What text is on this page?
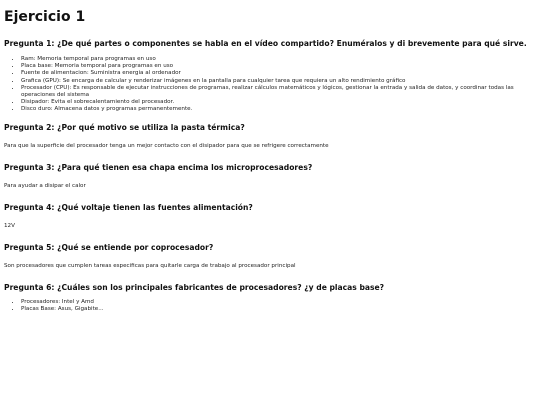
Ejercicio 1
Pregunta 1: ¿De qué partes o componentes se habla en el vídeo compartido? Enuméralos y di brevemente para qué sirve.
• Ram: Memoria temporal para programas en uso
• Placa base: Memoria temporal para programas en uso
• Fuente de alimentacion: Suministra energia al ordenador
• Grafica (GPU): Se encarga de calcular y renderizar imágenes en la pantalla para cualquier tarea que requiera un alto rendimiento gráfico
• Procesador (CPU): Es responsable de ejecutar instrucciones de programas, realizar cálculos matemáticos y lógicos, gestionar la entrada y salida de datos, y coordinar todas las operaciones del sistema
• Disipador: Evita el sobrecalentamiento del procesador.
• Disco duro: Almacena datos y programas permanentemente.
Pregunta 2: ¿Por qué motivo se utiliza la pasta térmica?

Para que la superficie del procesador tenga un mejor contacto con el disipador para que se refrigere correctamente

Pregunta 3: ¿Para qué tienen esa chapa encima los microprocesadores?

Para ayudar a disipar el calor

Pregunta 4: ¿Qué voltaje tienen las fuentes alimentación?

12V

Pregunta 5: ¿Qué se entiende por coprocesador?

Son procesadores que cumplen tareas especificas para quitarle carga de trabajo al procesador principal

Pregunta 6: ¿Cuáles son los principales fabricantes de procesadores? ¿y de placas base?
• Procesadores: Intel y Amd
• Placas Base: Asus, Gigabite...
